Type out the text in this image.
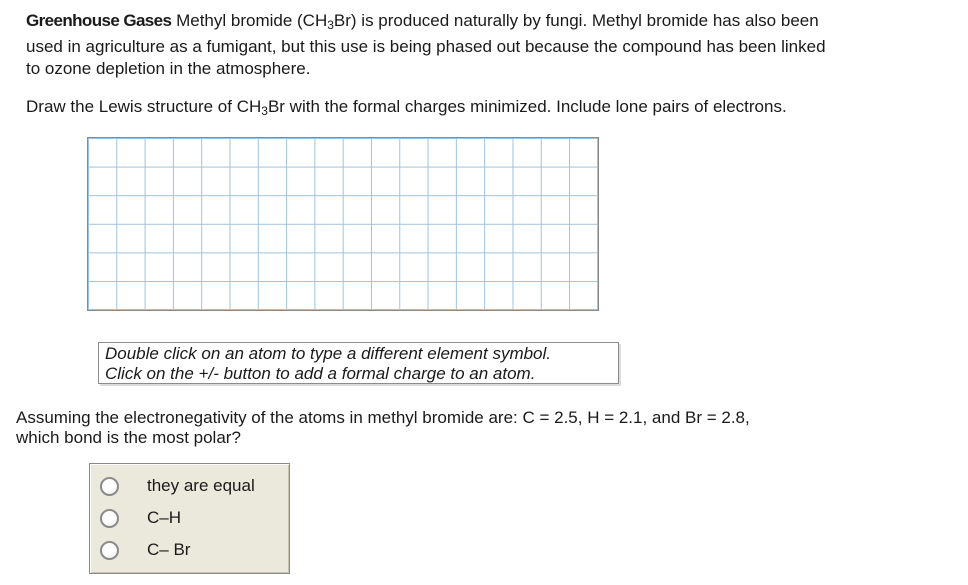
Greenhouse Gases Methyl bromide $(CH_3Br)$ is produced naturally by fungi. Methyl bromide has also been
used in agriculture as a fumigant, but this use is being phased out because the compound has been linked
to ozone depletion in the atmosphere.
Draw the Lewis structure of $CH_3Br$ with the formal charges minimized. Include lone pairs of electrons.
Double click on an atom to type a different element symbol.
Click on the +/- button to add a formal charge to an atom.
Assuming the electronegativity of the atoms in methyl bromide are: C = 2.5, H = 2.1, and Br = 2.8,
which bond is the most polar?
they are equal
C–H
C– Br
